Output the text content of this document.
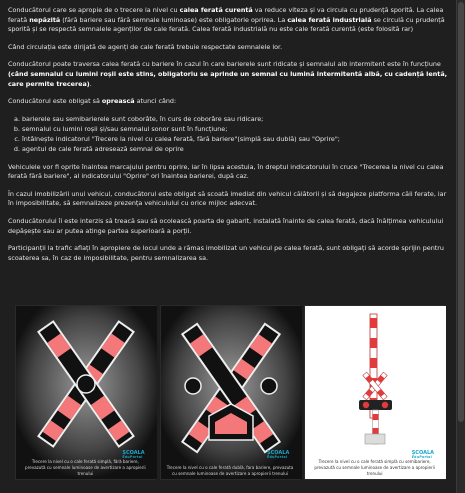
Conducătorul care se apropie de o trecere la nivel cu calea ferată curentă va reduce viteza și va circula cu prudență sporită. La calea ferată nepăzită (fără bariere sau fără semnale luminoase) este obligatorie oprirea. La calea ferată industrială se circulă cu prudență sporită și se respectă semnalele agenților de cale ferată. Calea ferată industrială nu este cale ferată curentă (este folosită rar)

Când circulația este dirijată de agenți de cale ferată trebuie respectate semnalele lor.

Conducătorul poate traversa calea ferată cu bariere în cazul în care barierele sunt ridicate și semnalul alb intermitent este în funcțiune (când semnalul cu lumini roșii este stins, obligatoriu se aprinde un semnal cu lumină intermitentă albă, cu cadență lentă, care permite trecerea).

Conducătorul este obligat să oprească atunci când:

a. barierele sau semibarierele sunt coborâte, în curs de coborâre sau ridicare;
b. semnalul cu lumini roșii și/sau semnalul sonor sunt în funcțiune;
c. întâlnește indicatorul "Trecere la nivel cu calea ferată, fără bariere"(simplă sau dublă) sau "Oprire";
d. agentul de cale ferată adresează semnal de oprire

Vehiculele vor fi oprite înaintea marcajului pentru oprire, iar în lipsa acestuia, în dreptul indicatorului în cruce "Trecerea la nivel cu calea ferată fără bariere", al indicatorului "Oprire" ori înaintea barierei, după caz.

În cazul imobilizării unui vehicul, conducătorul este obligat să scoată imediat din vehicul călătorii și să degajeze platforma căii ferate, iar în imposibilitate, să semnalizeze prezența vehiculului cu orice mijloc adecvat.

Conducătorului îi este interzis să treacă sau să ocolească poarta de gabarit, instalată înainte de calea ferată, dacă înălțimea vehiculului depășește sau ar putea atinge partea superioară a porții.

Participanții la trafic aflați în apropiere de locul unde a rămas imobilizat un vehicul pe calea ferată, sunt obligați să acorde sprijin pentru scoaterea sa, în caz de imposibilitate, pentru semnalizarea sa.

ȘCOALA
EduPortal
Trecere la nivel cu o cale ferată simplă, fără bariere, prevazută cu semnale luminoase de avertizare a apropierii trenului
ȘCOALA
EduPortal
Trecere la nivel cu o cale ferată dublă, fara bariere, prevazuta cu semnale luminoase de avertizare a apropierii trenului
ȘCOALA
EduPortal
Trecere la nivel cu o cale ferată simplă cu semibariere, prevazută cu semnale luminoase de avertizare a apropierii trenului
